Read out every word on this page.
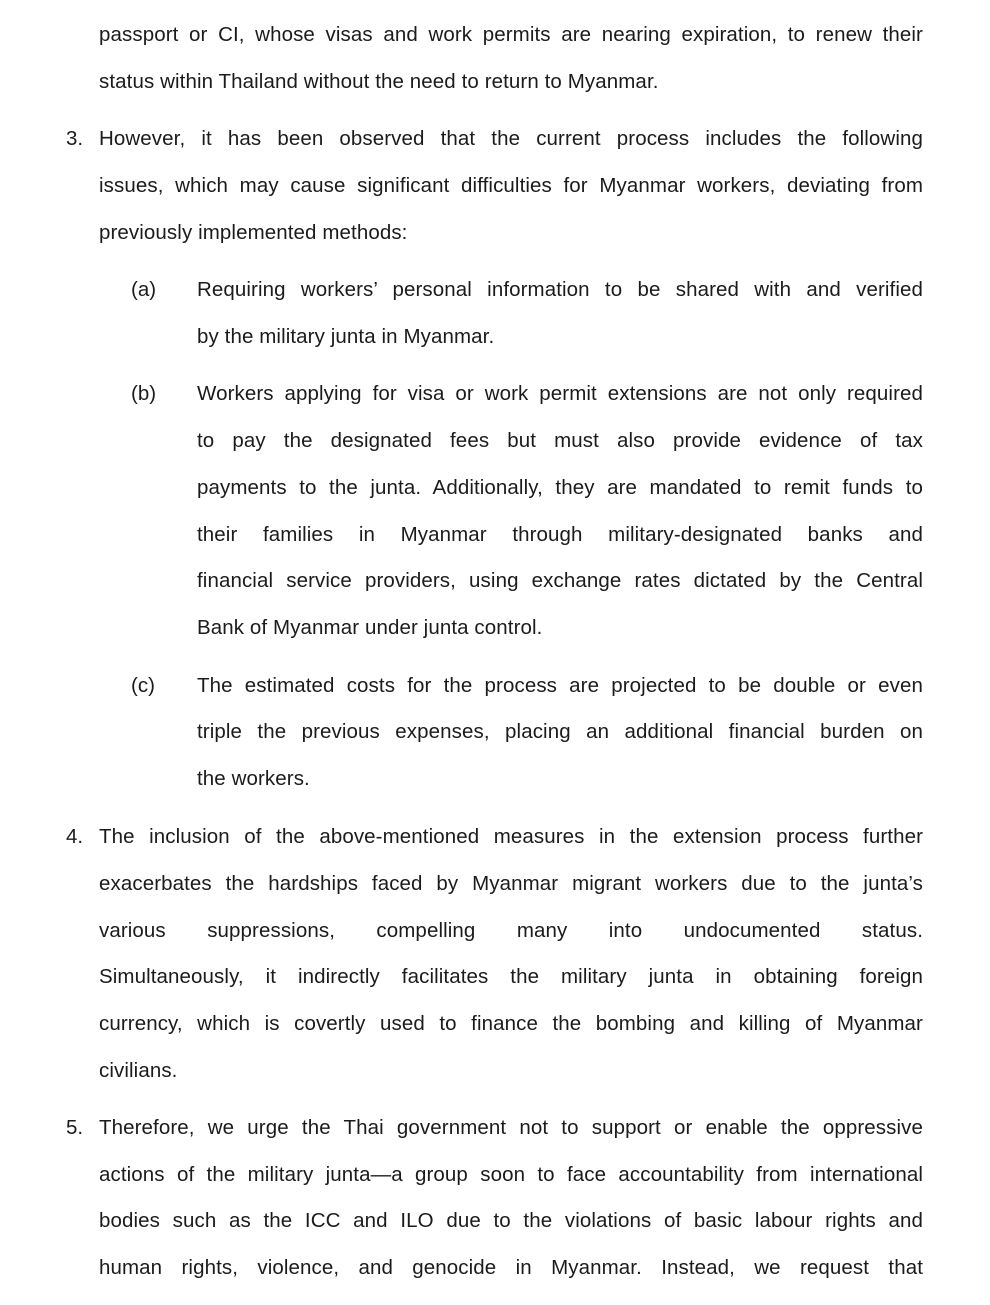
passport or CI, whose visas and work permits are nearing expiration, to renew their
status within Thailand without the need to return to Myanmar.
3. However, it has been observed that the current process includes the following
issues, which may cause significant difficulties for Myanmar workers, deviating from
previously implemented methods:
(a) Requiring workers’ personal information to be shared with and verified
by the military junta in Myanmar.
(b) Workers applying for visa or work permit extensions are not only required
to pay the designated fees but must also provide evidence of tax
payments to the junta. Additionally, they are mandated to remit funds to
their families in Myanmar through military-designated banks and
financial service providers, using exchange rates dictated by the Central
Bank of Myanmar under junta control.
(c) The estimated costs for the process are projected to be double or even
triple the previous expenses, placing an additional financial burden on
the workers.
4. The inclusion of the above-mentioned measures in the extension process further
exacerbates the hardships faced by Myanmar migrant workers due to the junta’s
various suppressions, compelling many into undocumented status.
Simultaneously, it indirectly facilitates the military junta in obtaining foreign
currency, which is covertly used to finance the bombing and killing of Myanmar
civilians.
5. Therefore, we urge the Thai government not to support or enable the oppressive
actions of the military junta—a group soon to face accountability from international
bodies such as the ICC and ILO due to the violations of basic labour rights and
human rights, violence, and genocide in Myanmar. Instead, we request that
